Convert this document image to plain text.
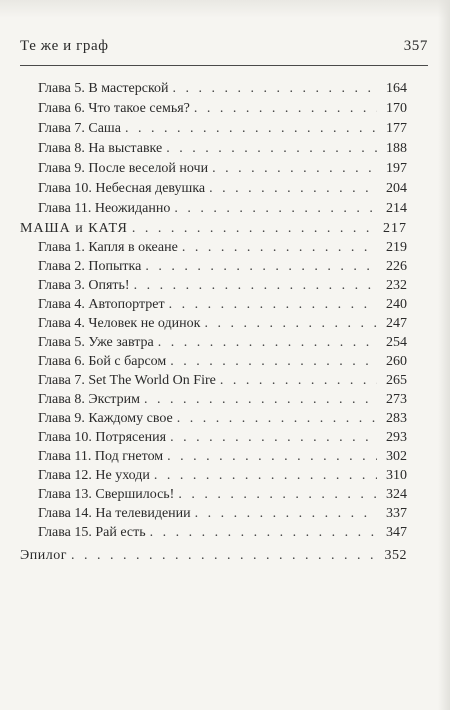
Те же и граф	357
Глава 5. В мастерской . . .	164
Глава 6. Что такое семья? . . .	170
Глава 7. Саша . . .	177
Глава 8. На выставке . . .	188
Глава 9. После веселой ночи . . .	197
Глава 10. Небесная девушка . . .	204
Глава 11. Неожиданно . . .	214
МАША и КАТЯ . . .	217
Глава 1. Капля в океане . . .	219
Глава 2. Попытка . . .	226
Глава 3. Опять! . . .	232
Глава 4. Автопортрет . . .	240
Глава 4. Человек не одинок . . .	247
Глава 5. Уже завтра . . .	254
Глава 6. Бой с барсом . . .	260
Глава 7. Set The World On Fire . . .	265
Глава 8. Экстрим . . .	273
Глава 9. Каждому свое . . .	283
Глава 10. Потрясения . . .	293
Глава 11. Под гнетом . . .	302
Глава 12. Не уходи . . .	310
Глава 13. Свершилось! . . .	324
Глава 14. На телевидении . . .	337
Глава 15. Рай есть . . .	347
Эпилог . . .	352
